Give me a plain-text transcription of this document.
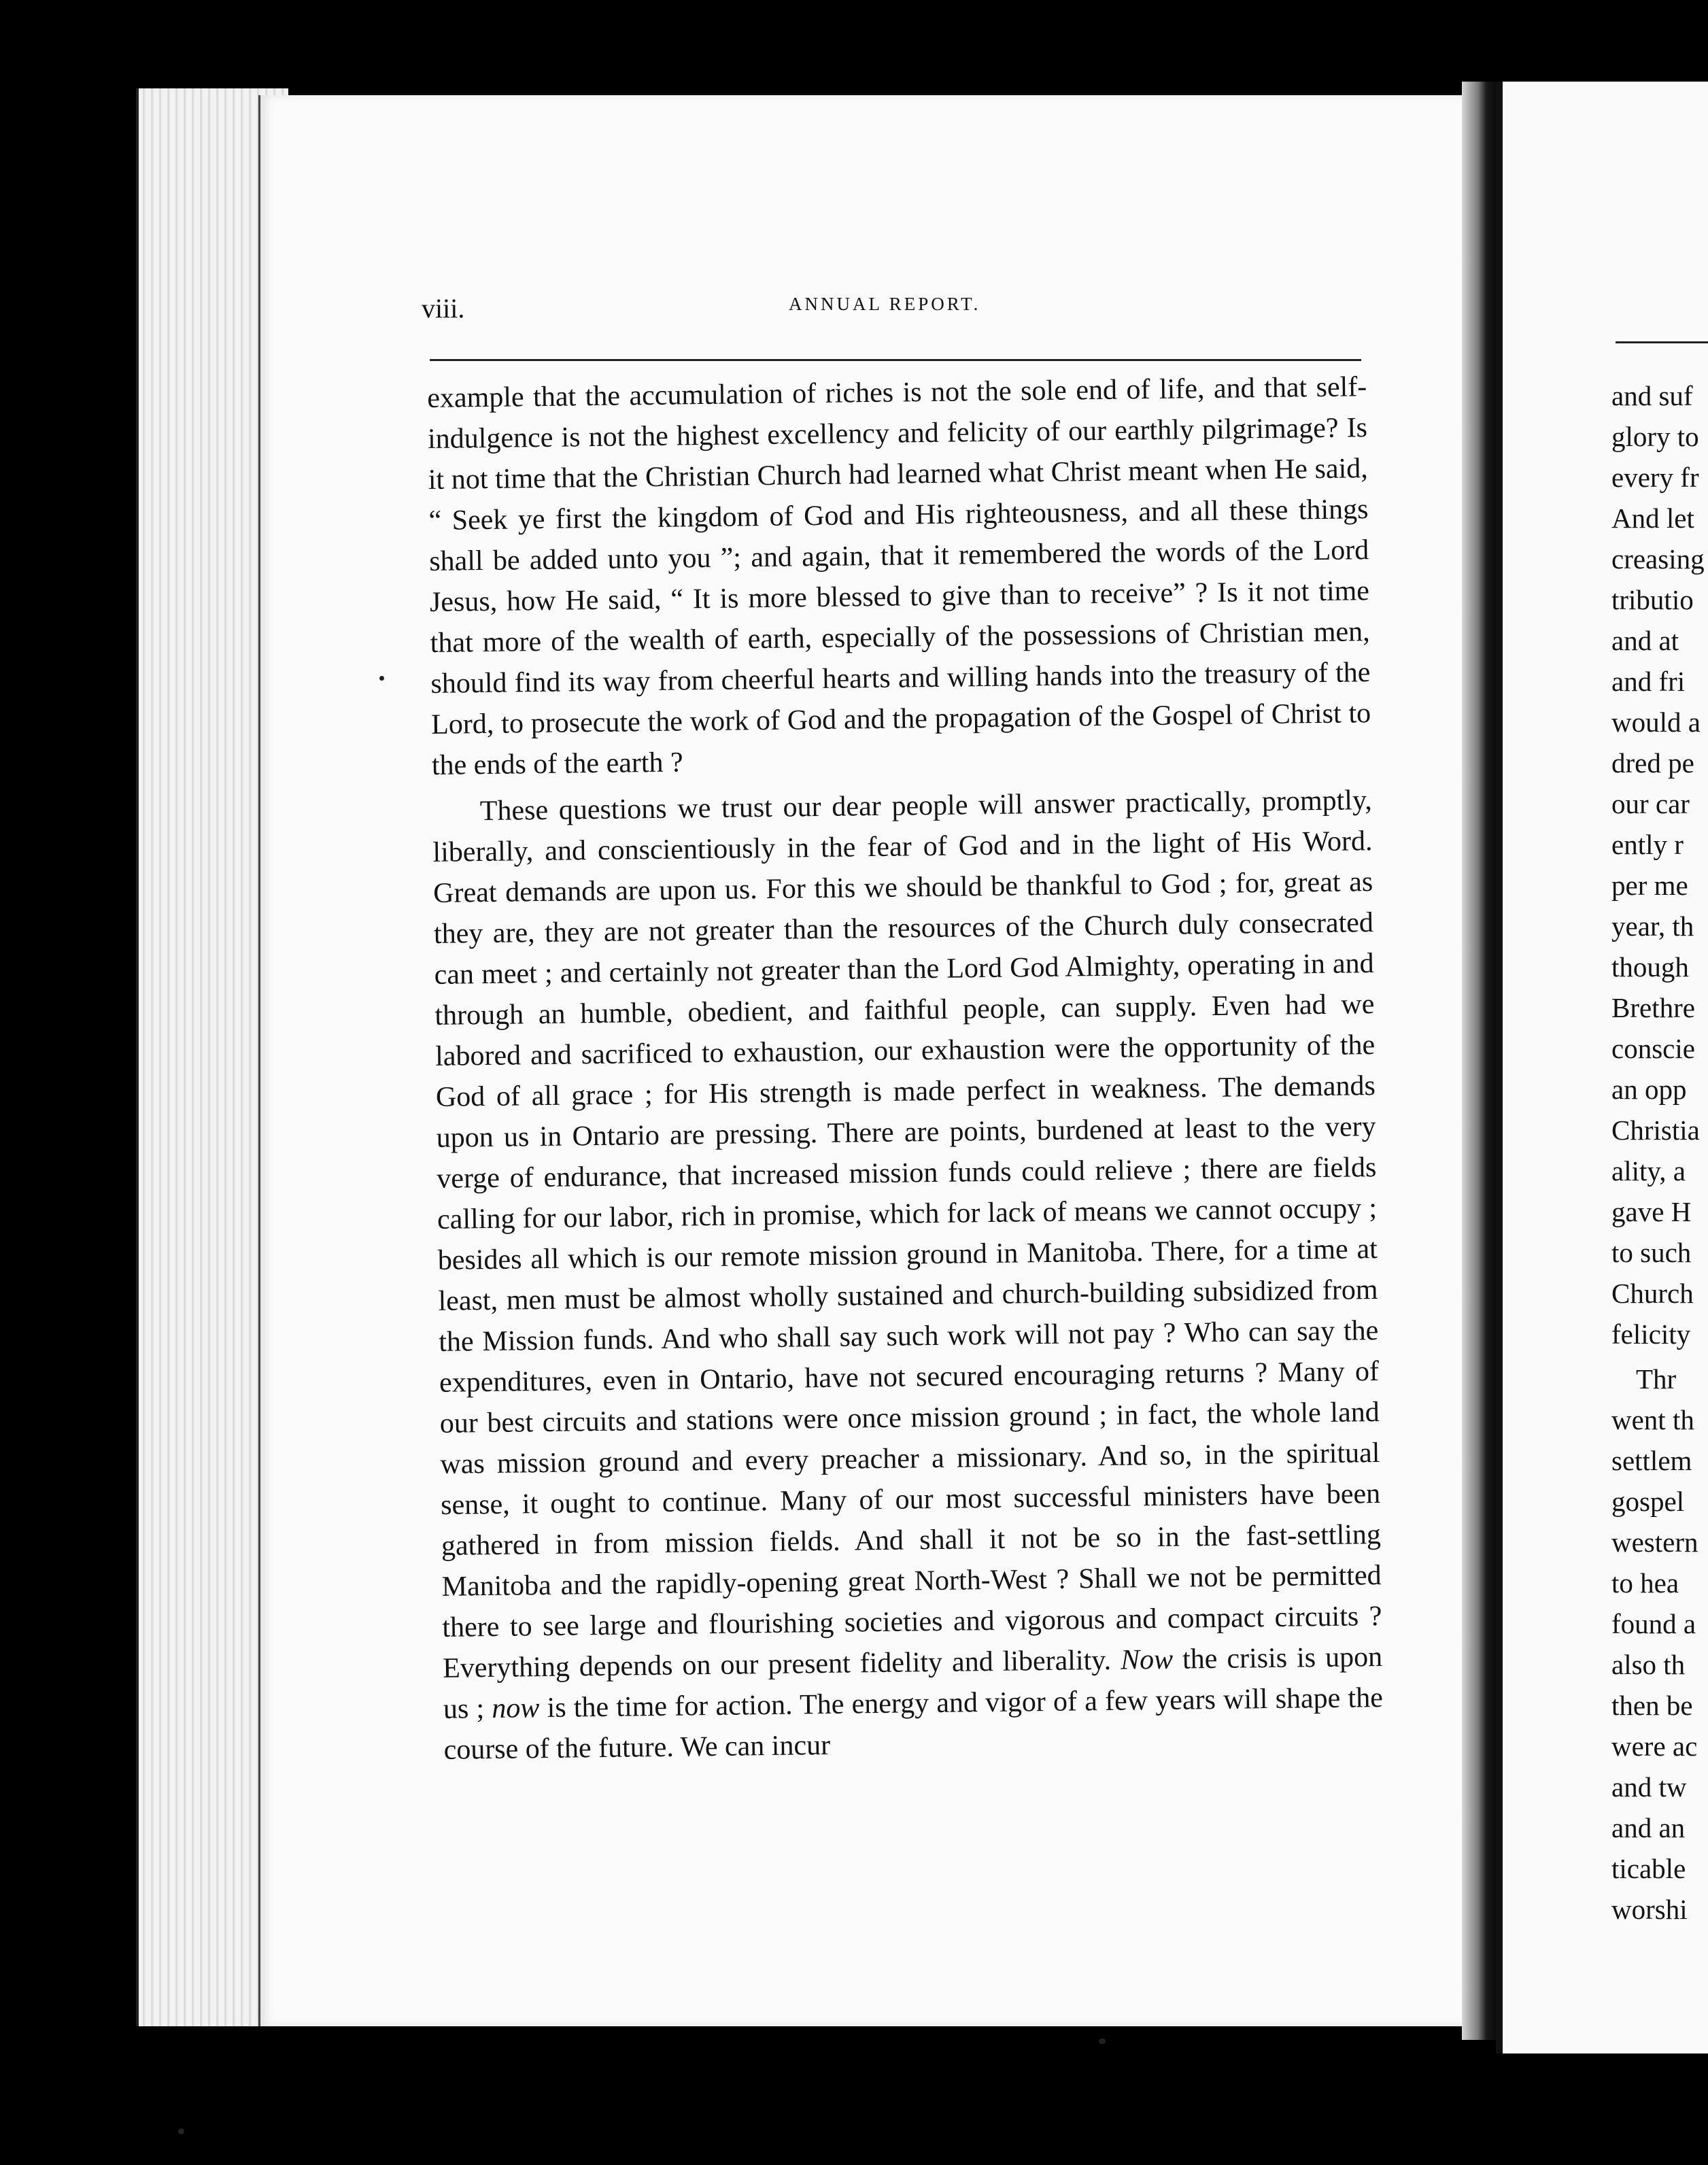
viii.	ANNUAL REPORT.

example that the accumulation of riches is not the sole end of life, and that self-indulgence is not the highest excellency and felicity of our earthly pilgrimage? Is it not time that the Christian Church had learned what Christ meant when He said, “ Seek ye first the kingdom of God and His righteousness, and all these things shall be added unto you ”; and again, that it remembered the words of the Lord Jesus, how He said, “ It is more blessed to give than to receive” ? Is it not time that more of the wealth of earth, especially of the possessions of Christian men, should find its way from cheerful hearts and willing hands into the treasury of the Lord, to prosecute the work of God and the propagation of the Gospel of Christ to the ends of the earth ?

These questions we trust our dear people will answer practically, promptly, liberally, and conscientiously in the fear of God and in the light of His Word. Great demands are upon us. For this we should be thankful to God ; for, great as they are, they are not greater than the resources of the Church duly consecrated can meet ; and certainly not greater than the Lord God Almighty, operating in and through an humble, obedient, and faithful people, can supply. Even had we labored and sacrificed to exhaustion, our exhaustion were the opportunity of the God of all grace ; for His strength is made perfect in weakness. The demands upon us in Ontario are pressing. There are points, burdened at least to the very verge of endurance, that increased mission funds could relieve ; there are fields calling for our labor, rich in promise, which for lack of means we cannot occupy ; besides all which is our remote mission ground in Manitoba. There, for a time at least, men must be almost wholly sustained and church-building subsidized from the Mission funds. And who shall say such work will not pay ? Who can say the expenditures, even in Ontario, have not secured encouraging returns ? Many of our best circuits and stations were once mission ground ; in fact, the whole land was mission ground and every preacher a missionary. And so, in the spiritual sense, it ought to continue. Many of our most successful ministers have been gathered in from mission fields. And shall it not be so in the fast-settling Manitoba and the rapidly-opening great North-West ? Shall we not be permitted there to see large and flourishing societies and vigorous and compact circuits ? Everything depends on our present fidelity and liberality. Now the crisis is upon us ; now is the time for action. The energy and vigor of a few years will shape the course of the future. We can incur

and suf
glory to
every fr
And let
creasing
tributio
and at
and fri
would a
dred pe
our car
ently r
per me
year, th
though
Brethre
conscie
an opp
Christia
ality, a
gave H
to such
Church
felicity
Thr
went th
settlem
gospel
western
to hea
found a
also th
then be
were ac
and tw
and an
ticable
worshi
